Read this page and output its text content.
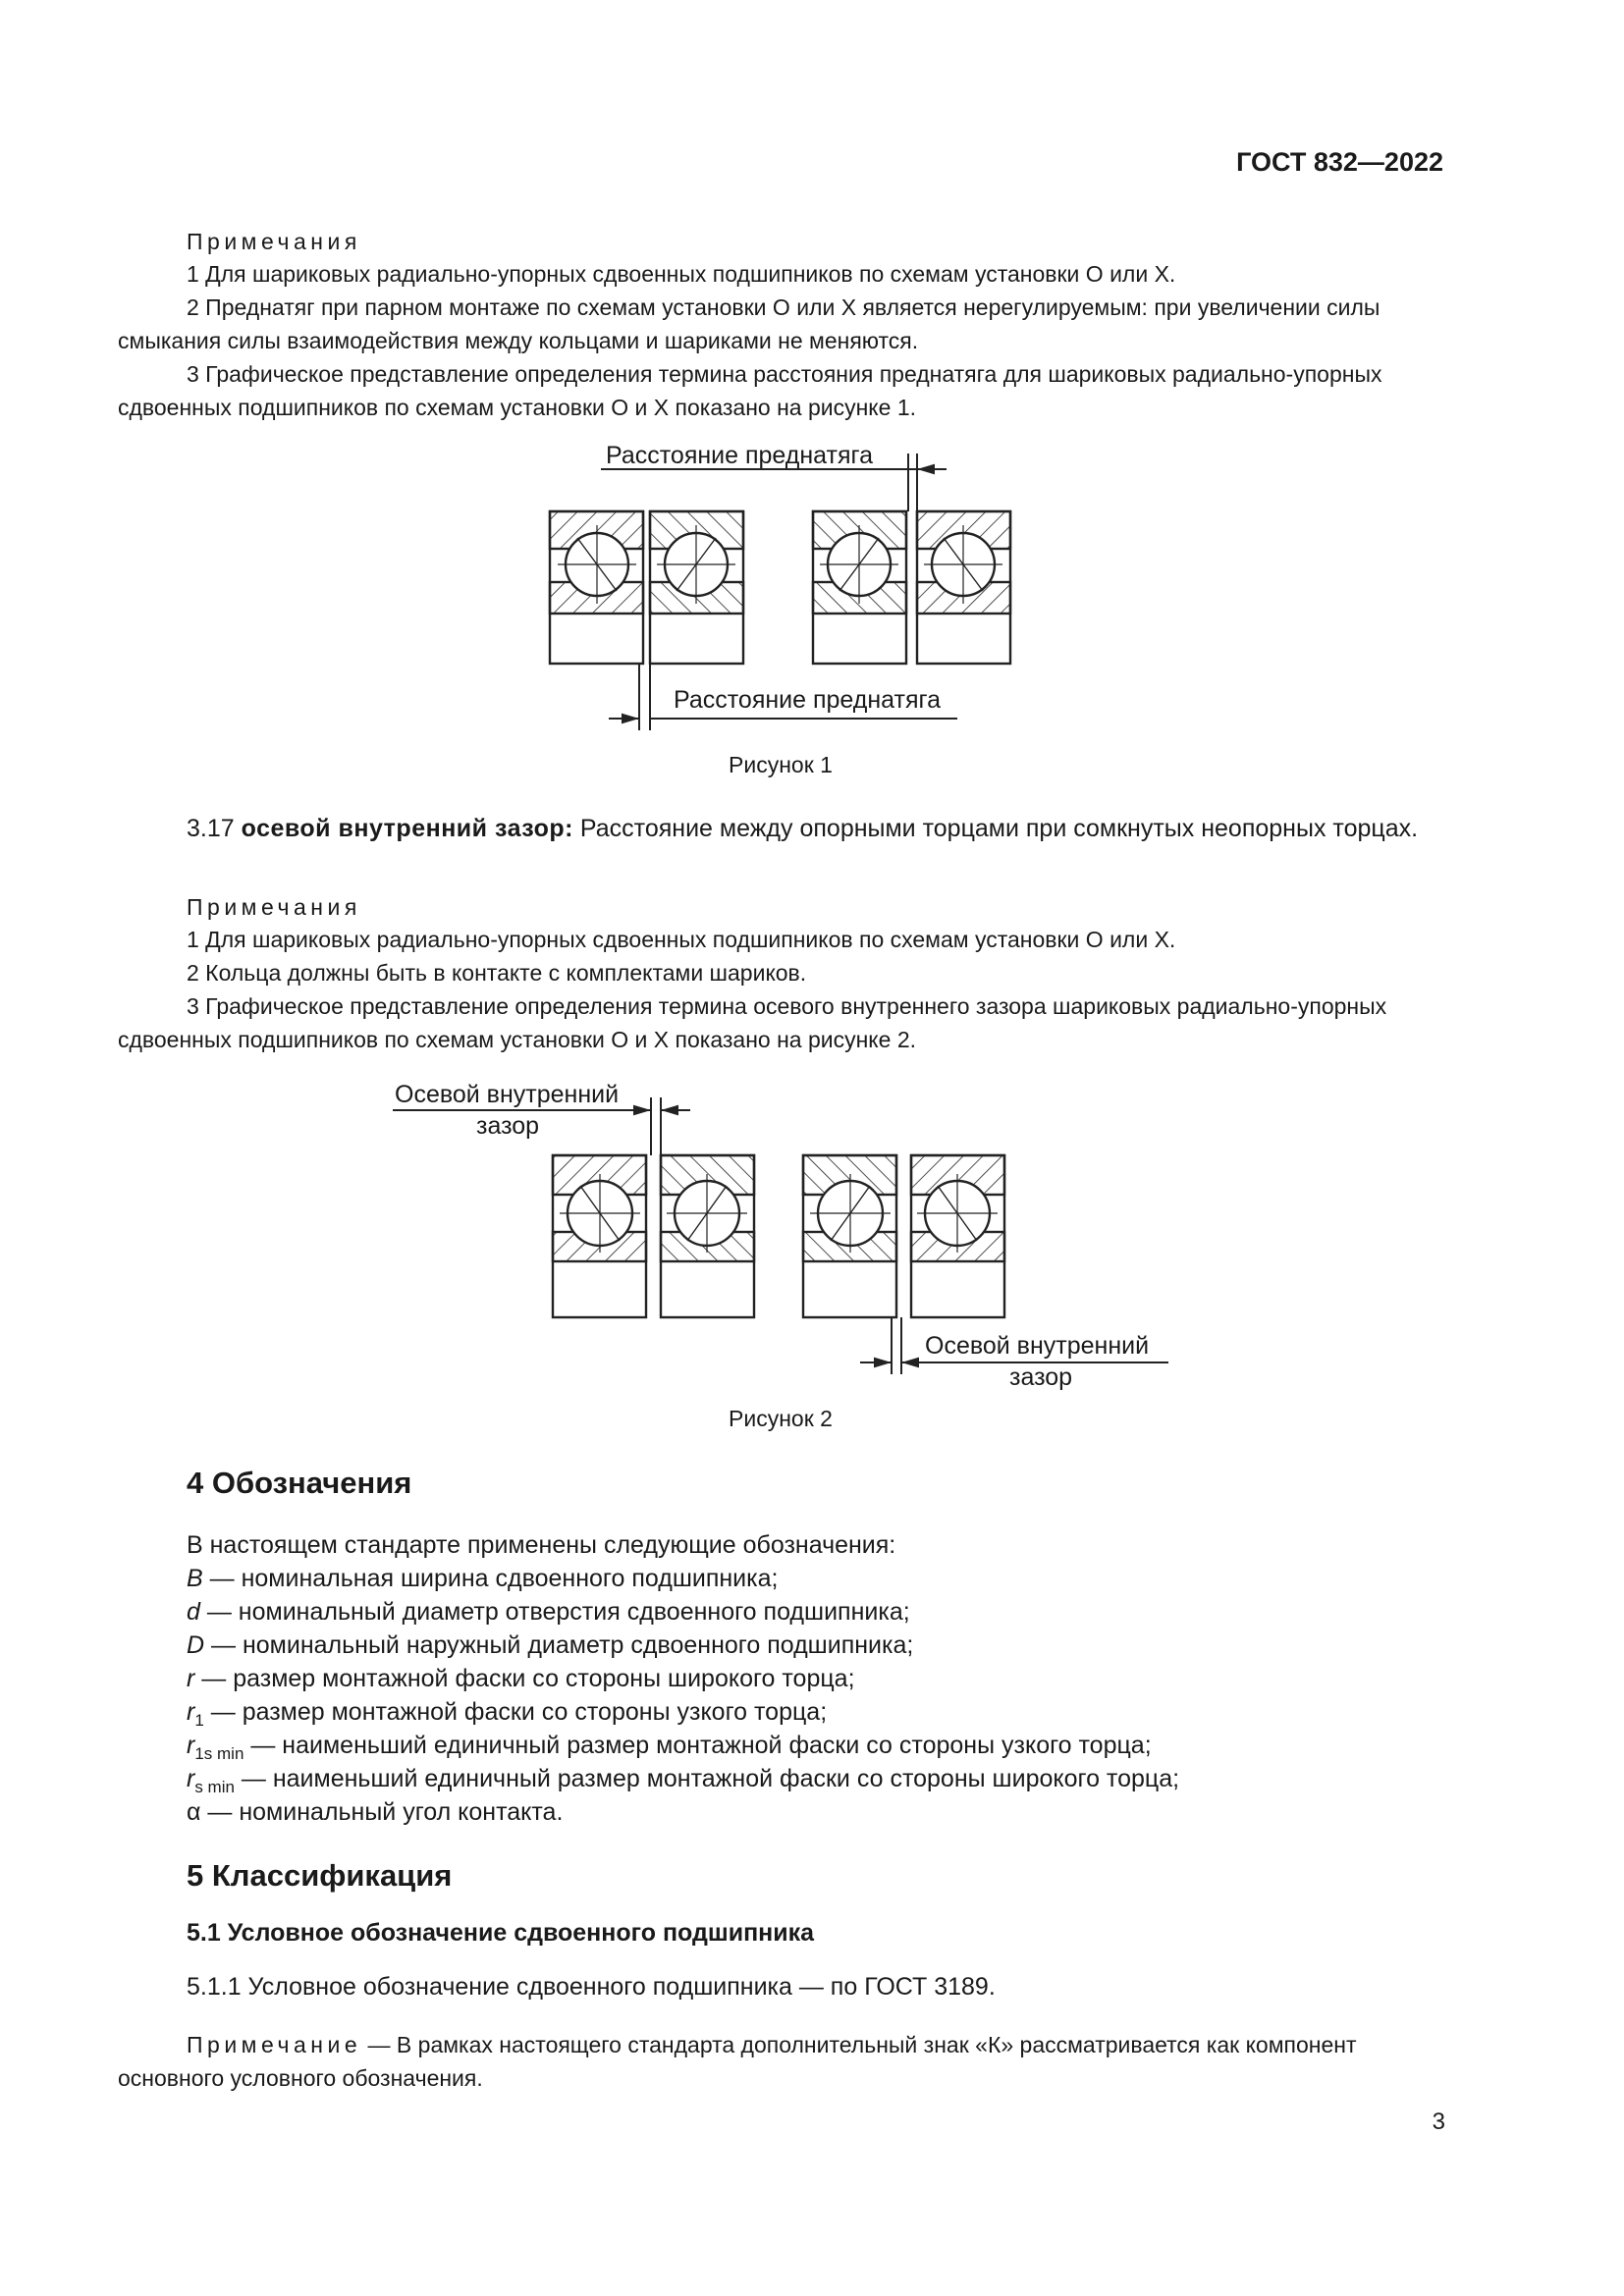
ГОСТ 832—2022
Примечания

1 Для шариковых радиально-упорных сдвоенных подшипников по схемам установки О или X.

2 Преднатяг при парном монтаже по схемам установки О или X является нерегулируемым: при увеличении силы смыкания силы взаимодействия между кольцами и шариками не меняются.

3 Графическое представление определения термина расстояния преднатяга для шариковых радиально-упорных сдвоенных подшипников по схемам установки О и X показано на рисунке 1.

Расстояние преднатяга
Расстояние преднатяга
Осевой внутренний
зазор
Осевой внутренний
зазор
Рисунок 1

3.17 осевой внутренний зазор: Расстояние между опорными торцами при сомкнутых неопорных торцах.

Примечания

1 Для шариковых радиально-упорных сдвоенных подшипников по схемам установки О или X.

2 Кольца должны быть в контакте с комплектами шариков.

3 Графическое представление определения термина осевого внутреннего зазора шариковых радиально-упорных сдвоенных подшипников по схемам установки О и X показано на рисунке 2.

Рисунок 2
4 Обозначения
В настоящем стандарте применены следующие обозначения:
B — номинальная ширина сдвоенного подшипника;
d — номинальный диаметр отверстия сдвоенного подшипника;
D — номинальный наружный диаметр сдвоенного подшипника;
r — размер монтажной фаски со стороны широкого торца;
$r_1$ — размер монтажной фаски со стороны узкого торца;
$r_{1s min}$ — наименьший единичный размер монтажной фаски со стороны узкого торца;
$r_{s min}$ — наименьший единичный размер монтажной фаски со стороны широкого торца;
α — номинальный угол контакта.
5 Классификация
5.1 Условное обозначение сдвоенного подшипника
5.1.1 Условное обозначение сдвоенного подшипника — по ГОСТ 3189.

Примечание — В рамках настоящего стандарта дополнительный знак «К» рассматривается как компонент основного условного обозначения.

3
